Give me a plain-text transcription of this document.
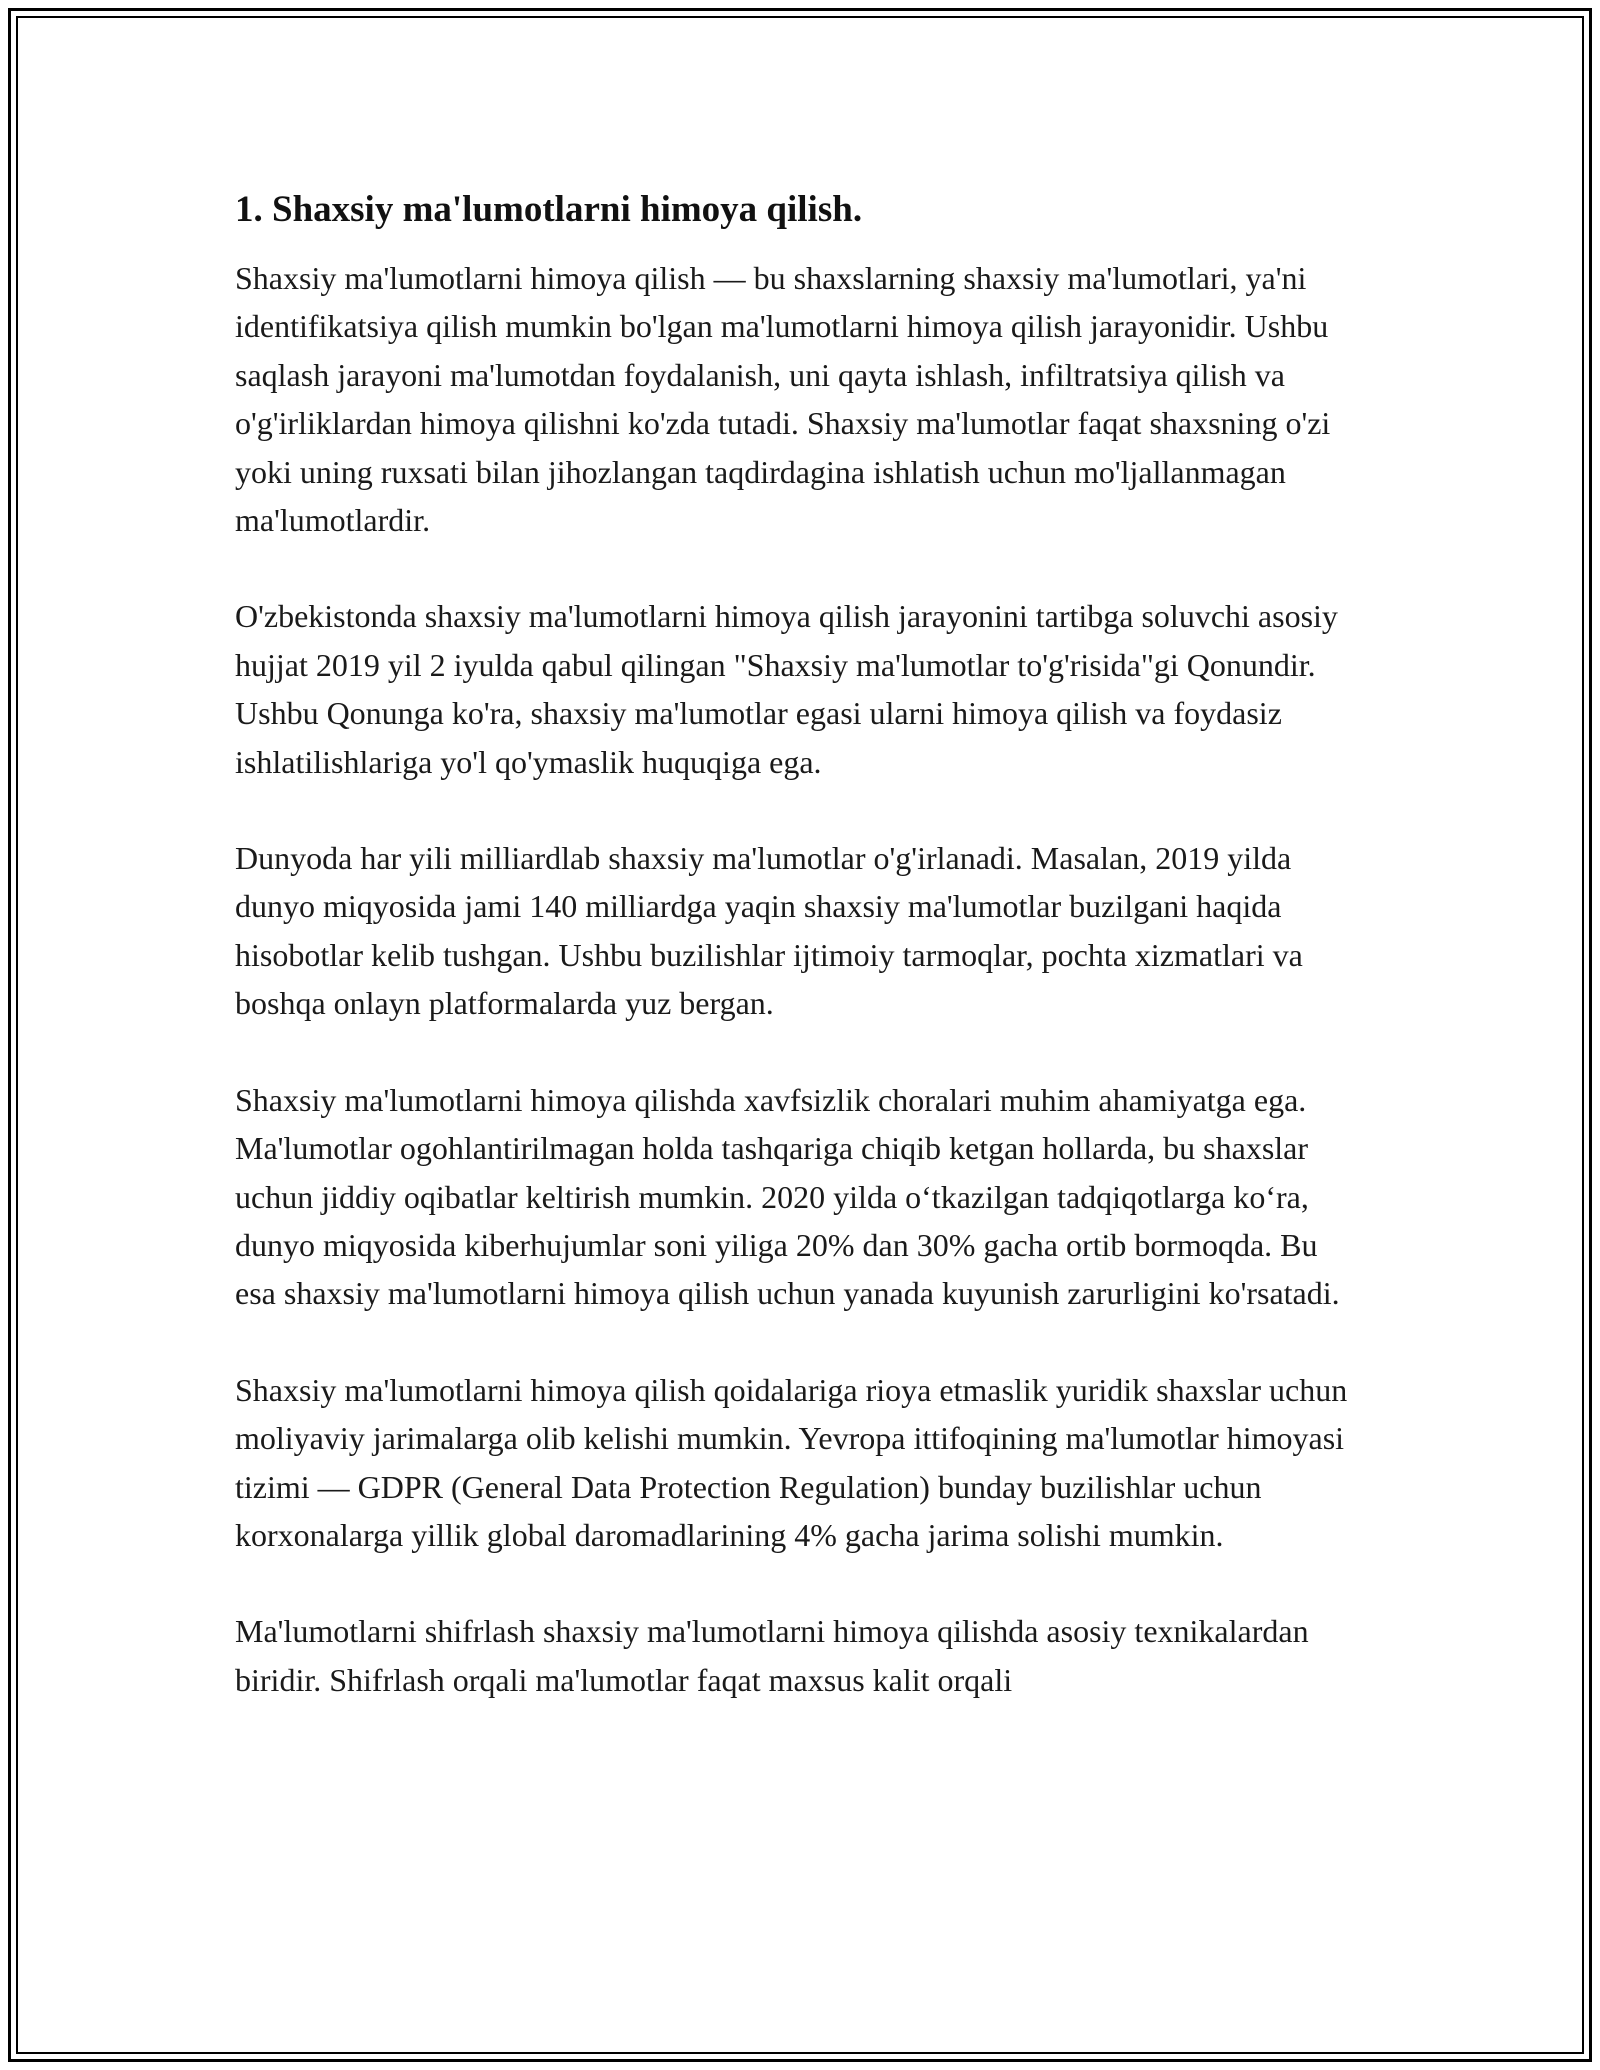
1. Shaxsiy ma'lumotlarni himoya qilish.

Shaxsiy ma'lumotlarni himoya qilish — bu shaxslarning shaxsiy ma'lumotlari, ya'ni identifikatsiya qilish mumkin bo'lgan ma'lumotlarni himoya qilish jarayonidir. Ushbu saqlash jarayoni ma'lumotdan foydalanish, uni qayta ishlash, infiltratsiya qilish va o'g'irliklardan himoya qilishni ko'zda tutadi. Shaxsiy ma'lumotlar faqat shaxsning o'zi yoki uning ruxsati bilan jihozlangan taqdirdagina ishlatish uchun mo'ljallanmagan ma'lumotlardir.

O'zbekistonda shaxsiy ma'lumotlarni himoya qilish jarayonini tartibga soluvchi asosiy hujjat 2019 yil 2 iyulda qabul qilingan "Shaxsiy ma'lumotlar to'g'risida"gi Qonundir. Ushbu Qonunga ko'ra, shaxsiy ma'lumotlar egasi ularni himoya qilish va foydasiz ishlatilishlariga yo'l qo'ymaslik huquqiga ega.

Dunyoda har yili milliardlab shaxsiy ma'lumotlar o'g'irlanadi. Masalan, 2019 yilda dunyo miqyosida jami 140 milliardga yaqin shaxsiy ma'lumotlar buzilgani haqida hisobotlar kelib tushgan. Ushbu buzilishlar ijtimoiy tarmoqlar, pochta xizmatlari va boshqa onlayn platformalarda yuz bergan.

Shaxsiy ma'lumotlarni himoya qilishda xavfsizlik choralari muhim ahamiyatga ega. Ma'lumotlar ogohlantirilmagan holda tashqariga chiqib ketgan hollarda, bu shaxslar uchun jiddiy oqibatlar keltirish mumkin. 2020 yilda oʻtkazilgan tadqiqotlarga koʻra, dunyo miqyosida kiberhujumlar soni yiliga 20% dan 30% gacha ortib bormoqda. Bu esa shaxsiy ma'lumotlarni himoya qilish uchun yanada kuyunish zarurligini ko'rsatadi.

Shaxsiy ma'lumotlarni himoya qilish qoidalariga rioya etmaslik yuridik shaxslar uchun moliyaviy jarimalarga olib kelishi mumkin. Yevropa ittifoqining ma'lumotlar himoyasi tizimi — GDPR (General Data Protection Regulation) bunday buzilishlar uchun korxonalarga yillik global daromadlarining 4% gacha jarima solishi mumkin.

Ma'lumotlarni shifrlash shaxsiy ma'lumotlarni himoya qilishda asosiy texnikalardan biridir. Shifrlash orqali ma'lumotlar faqat maxsus kalit orqali
